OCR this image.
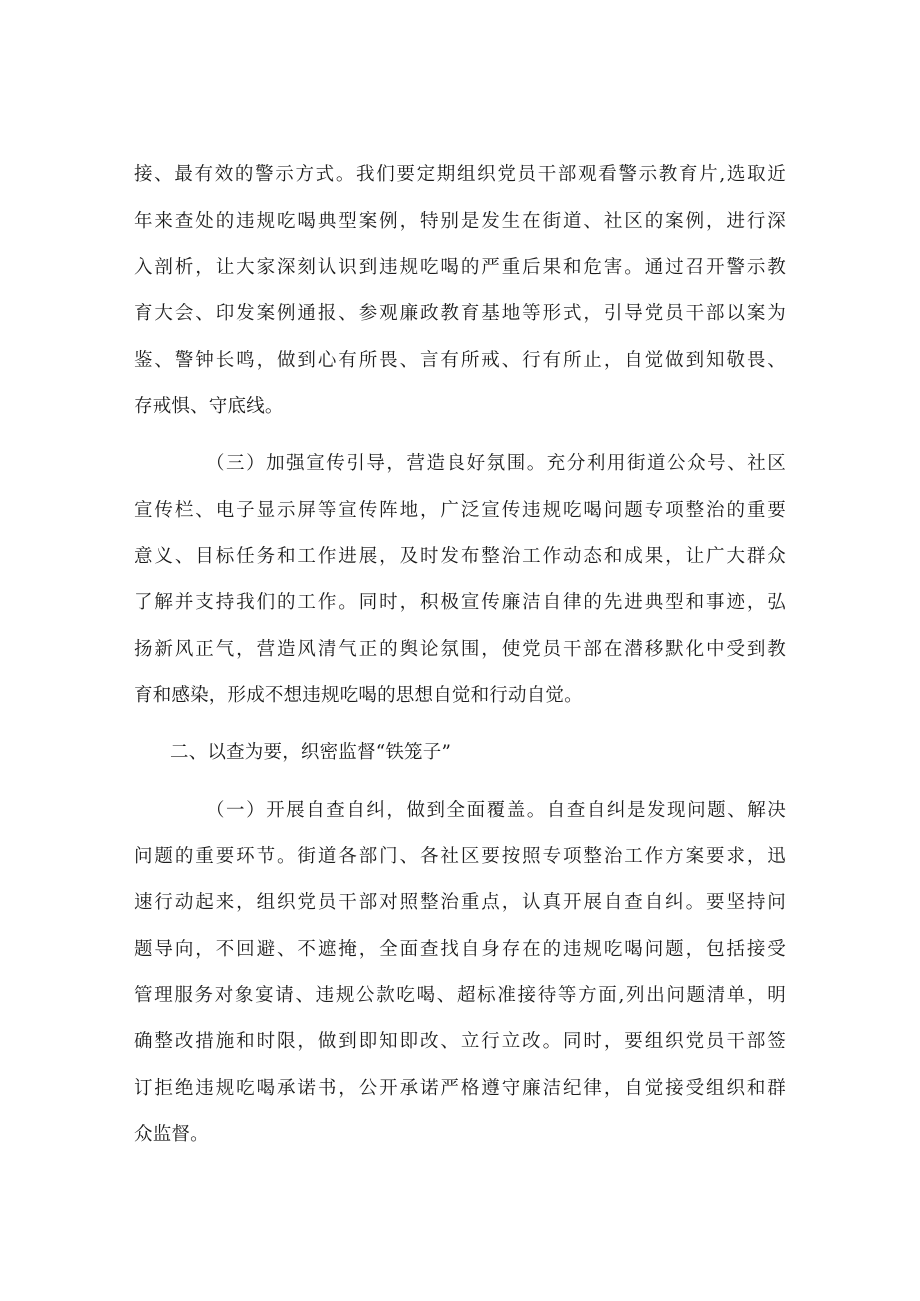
接、最有效的警示方式。我们要定期组织党员干部观看警示教育片,选取近
年来查处的违规吃喝典型案例，特别是发生在街道、社区的案例，进行深
入剖析，让大家深刻认识到违规吃喝的严重后果和危害。通过召开警示教
育大会、印发案例通报、参观廉政教育基地等形式，引导党员干部以案为
鉴、警钟长鸣，做到心有所畏、言有所戒、行有所止，自觉做到知敬畏、
存戒惧、守底线。
（三）加强宣传引导，营造良好氛围。充分利用街道公众号、社区
宣传栏、电子显示屏等宣传阵地，广泛宣传违规吃喝问题专项整治的重要
意义、目标任务和工作进展，及时发布整治工作动态和成果，让广大群众
了解并支持我们的工作。同时，积极宣传廉洁自律的先进典型和事迹，弘
扬新风正气，营造风清气正的舆论氛围，使党员干部在潜移默化中受到教
育和感染，形成不想违规吃喝的思想自觉和行动自觉。
二、以查为要，织密监督“铁笼子”
（一）开展自查自纠，做到全面覆盖。自查自纠是发现问题、解决
问题的重要环节。街道各部门、各社区要按照专项整治工作方案要求，迅
速行动起来，组织党员干部对照整治重点，认真开展自查自纠。要坚持问
题导向，不回避、不遮掩，全面查找自身存在的违规吃喝问题，包括接受
管理服务对象宴请、违规公款吃喝、超标准接待等方面,列出问题清单，明
确整改措施和时限，做到即知即改、立行立改。同时，要组织党员干部签
订拒绝违规吃喝承诺书，公开承诺严格遵守廉洁纪律，自觉接受组织和群
众监督。
